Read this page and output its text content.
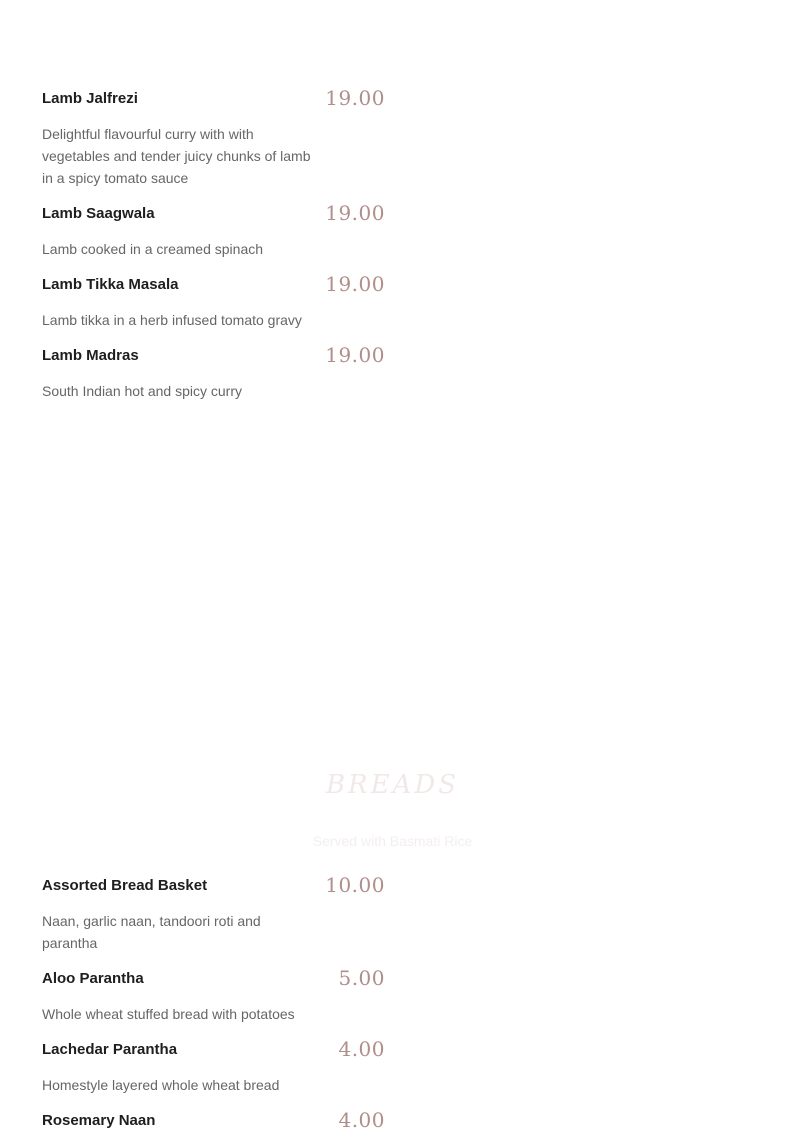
Lamb Jalfrezi	19.00
Delightful flavourful curry with with vegetables and tender juicy chunks of lamb in a spicy tomato sauce
Lamb Saagwala	19.00
Lamb cooked in a creamed spinach
Lamb Tikka Masala	19.00
Lamb tikka in a herb infused tomato gravy
Lamb Madras	19.00
South Indian hot and spicy curry
BREADS
Served with Basmati Rice
Assorted Bread Basket	10.00
Naan, garlic naan, tandoori roti and parantha
Aloo Parantha	5.00
Whole wheat stuffed bread with potatoes
Lachedar Parantha	4.00
Homestyle layered whole wheat bread
Rosemary Naan	4.00
